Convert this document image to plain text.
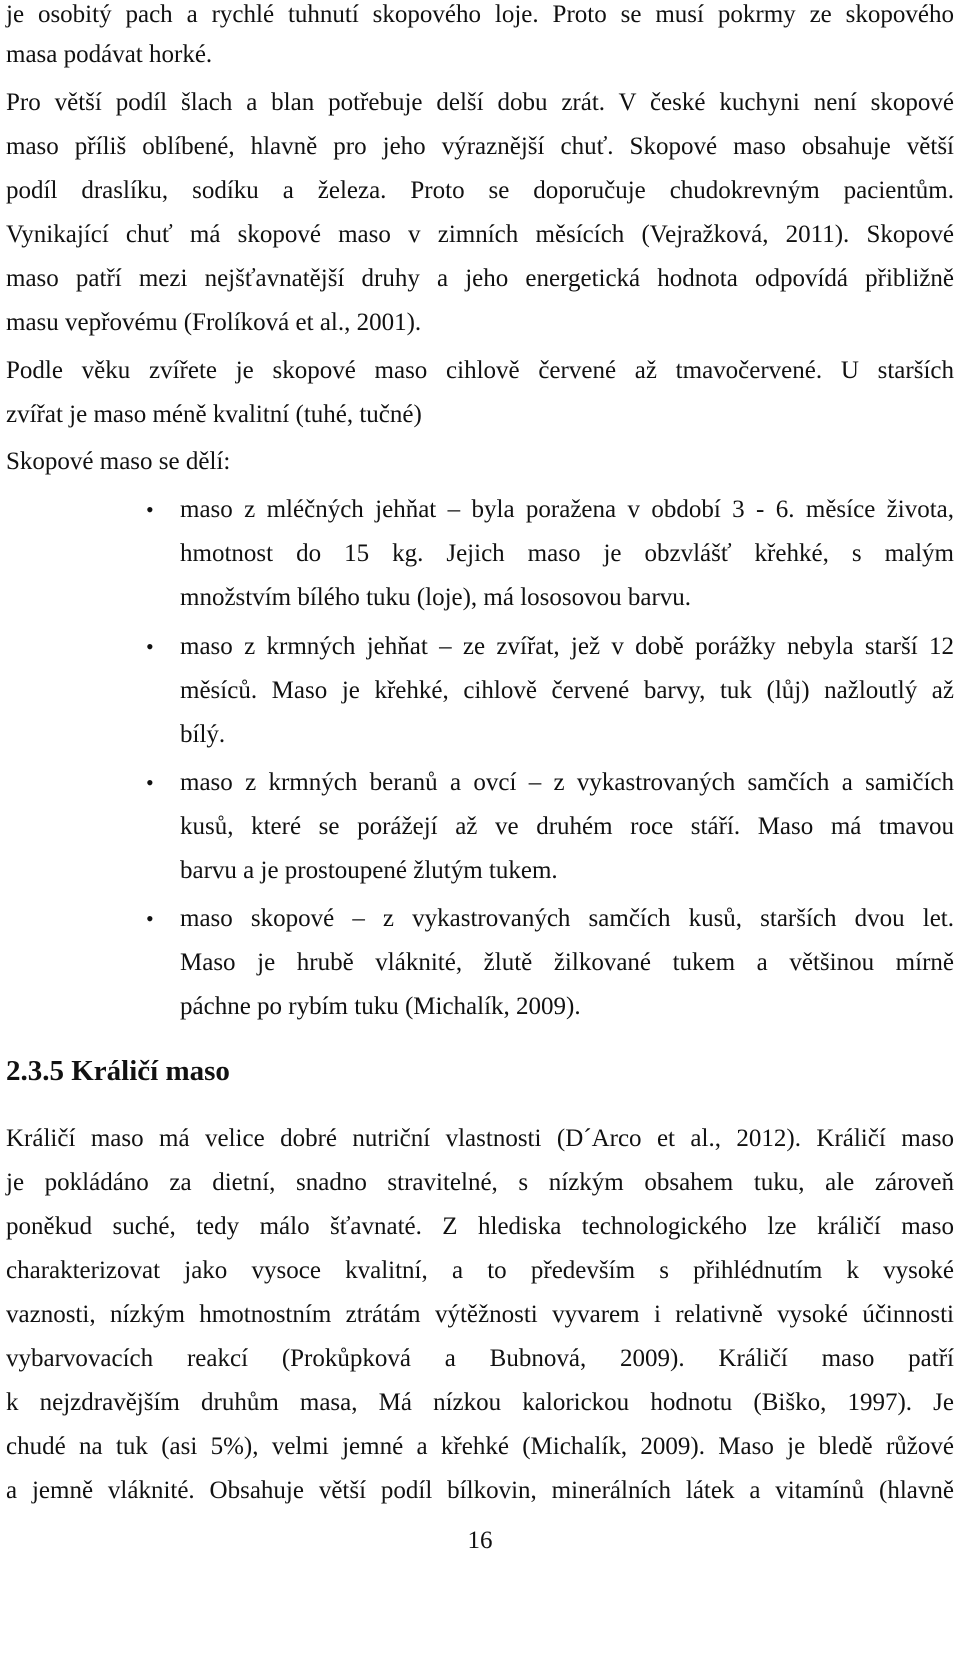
je osobitý pach a rychlé tuhnutí skopového loje. Proto se musí pokrmy ze skopového
masa podávat horké.
Pro větší podíl šlach a blan potřebuje delší dobu zrát. V české kuchyni není skopové
maso příliš oblíbené, hlavně pro jeho výraznější chuť. Skopové maso obsahuje větší
podíl draslíku, sodíku a železa. Proto se doporučuje chudokrevným pacientům.
Vynikající chuť má skopové maso v zimních měsících (Vejražková, 2011). Skopové
maso patří mezi nejšťavnatější druhy a jeho energetická hodnota odpovídá přibližně
masu vepřovému (Frolíková et al., 2001).
Podle věku zvířete je skopové maso cihlově červené až tmavočervené. U starších
zvířat je maso méně kvalitní (tuhé, tučné)
Skopové maso se dělí:
• maso z mléčných jehňat – byla poražena v období 3 - 6. měsíce života,
hmotnost do 15 kg. Jejich maso je obzvlášť křehké, s malým
množstvím bílého tuku (loje), má lososovou barvu.
• maso z krmných jehňat – ze zvířat, jež v době porážky nebyla starší 12
měsíců. Maso je křehké, cihlově červené barvy, tuk (lůj) nažloutlý až
bílý.
• maso z krmných beranů a ovcí – z vykastrovaných samčích a samičích
kusů, které se porážejí až ve druhém roce stáří. Maso má tmavou
barvu a je prostoupené žlutým tukem.
• maso skopové – z vykastrovaných samčích kusů, starších dvou let.
Maso je hrubě vláknité, žlutě žilkované tukem a většinou mírně
páchne po rybím tuku (Michalík, 2009).
2.3.5 Králičí maso
Králičí maso má velice dobré nutriční vlastnosti (D´Arco et al., 2012). Králičí maso
je pokládáno za dietní, snadno stravitelné, s nízkým obsahem tuku, ale zároveň
poněkud suché, tedy málo šťavnaté. Z hlediska technologického lze králičí maso
charakterizovat jako vysoce kvalitní, a to především s přihlédnutím k vysoké
vaznosti, nízkým hmotnostním ztrátám výtěžnosti vyvarem i relativně vysoké účinnosti
vybarvovacích reakcí (Prokůpková a Bubnová, 2009). Králičí maso patří
k nejzdravějším druhům masa, Má nízkou kalorickou hodnotu (Biško, 1997). Je
chudé na tuk (asi 5%), velmi jemné a křehké (Michalík, 2009). Maso je bledě růžové
a jemně vláknité. Obsahuje větší podíl bílkovin, minerálních látek a vitamínů (hlavně
16
